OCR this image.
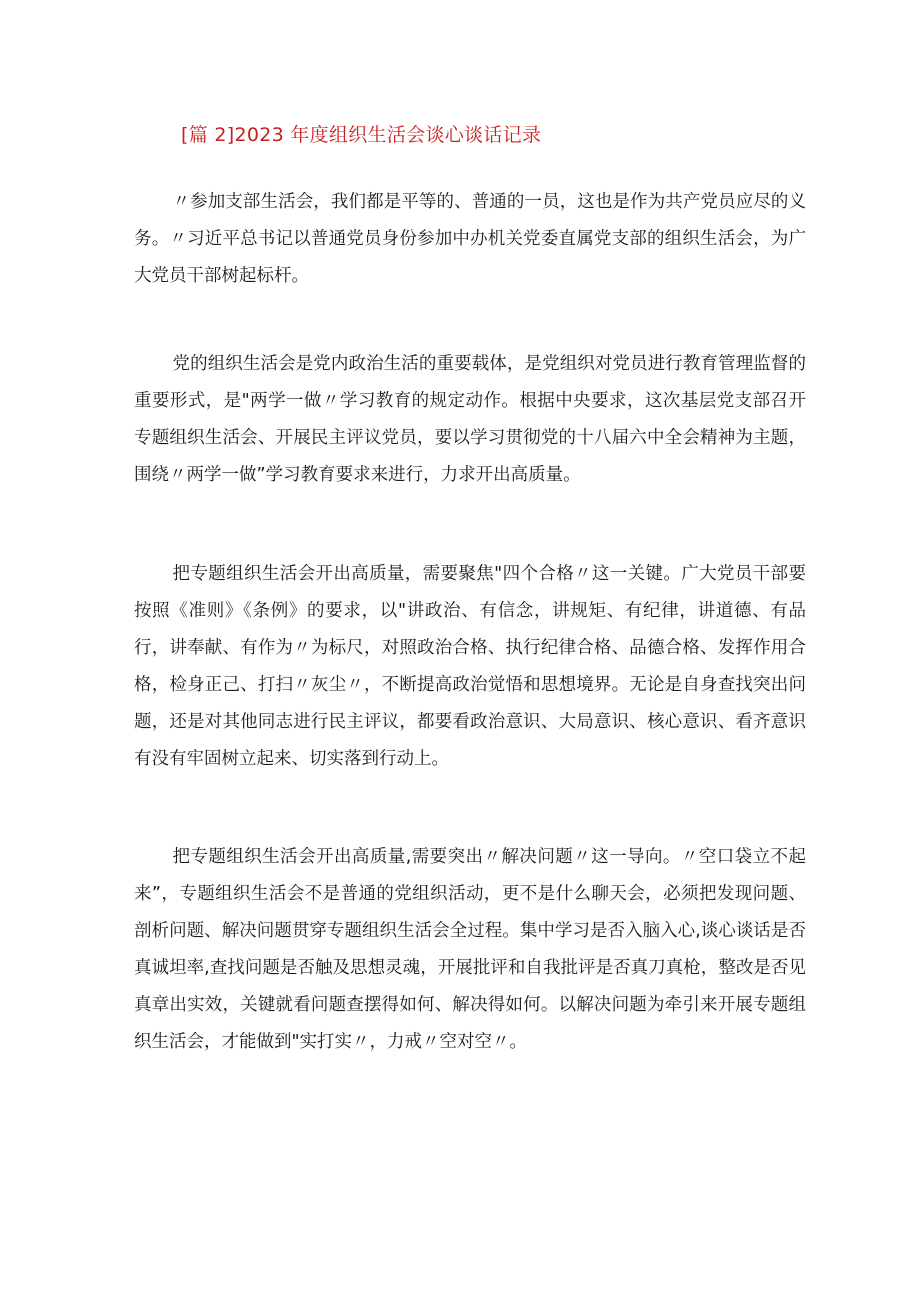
[篇 2]2023 年度组织生活会谈心谈话记录

〃参加支部生活会，我们都是平等的、普通的一员，这也是作为共产党员应尽的义务。〃习近平总书记以普通党员身份参加中办机关党委直属党支部的组织生活会，为广大党员干部树起标杆。

党的组织生活会是党内政治生活的重要载体，是党组织对党员进行教育管理监督的重要形式，是"两学一做〃学习教育的规定动作。根据中央要求，这次基层党支部召开专题组织生活会、开展民主评议党员，要以学习贯彻党的十八届六中全会精神为主题，围绕〃两学一做”学习教育要求来进行，力求开出高质量。

把专题组织生活会开出高质量，需要聚焦"四个合格〃这一关键。广大党员干部要按照《准则》《条例》的要求，以"讲政治、有信念，讲规矩、有纪律，讲道德、有品行，讲奉献、有作为〃为标尺，对照政治合格、执行纪律合格、品德合格、发挥作用合格，检身正己、打扫〃灰尘〃，不断提高政治觉悟和思想境界。无论是自身查找突出问题，还是对其他同志进行民主评议，都要看政治意识、大局意识、核心意识、看齐意识有没有牢固树立起来、切实落到行动上。

把专题组织生活会开出高质量,需要突出〃解决问题〃这一导向。〃空口袋立不起来”，专题组织生活会不是普通的党组织活动，更不是什么聊天会，必须把发现问题、剖析问题、解决问题贯穿专题组织生活会全过程。集中学习是否入脑入心,谈心谈话是否真诚坦率,查找问题是否触及思想灵魂，开展批评和自我批评是否真刀真枪，整改是否见真章出实效，关键就看问题查摆得如何、解决得如何。以解决问题为牵引来开展专题组织生活会，才能做到"实打实〃，力戒〃空对空〃。
